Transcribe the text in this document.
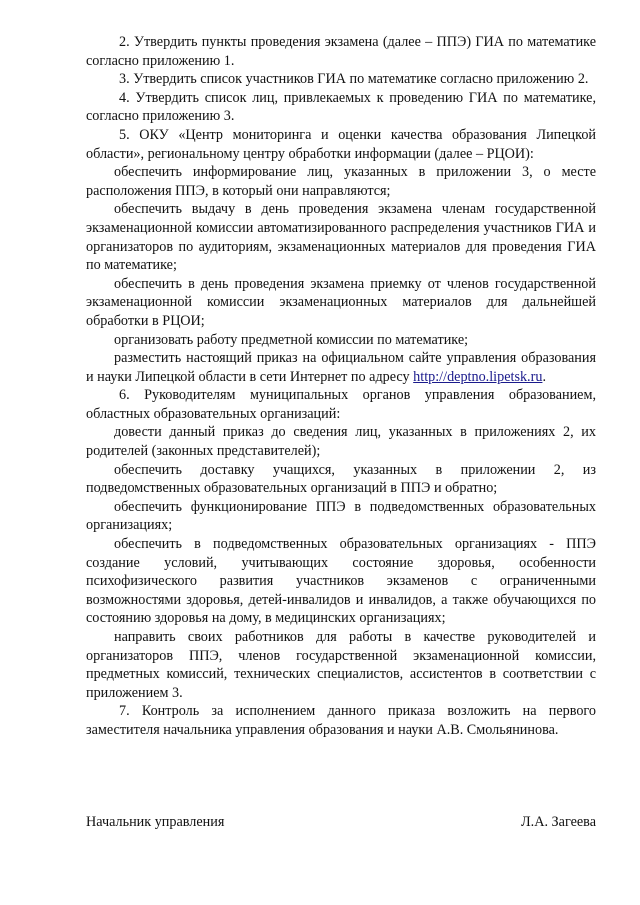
2. Утвердить пункты проведения экзамена (далее – ППЭ) ГИА по математике согласно приложению 1.

3. Утвердить список участников ГИА по математике согласно приложению 2.

4. Утвердить список лиц, привлекаемых к проведению ГИА по математике, согласно приложению 3.

5. ОКУ «Центр мониторинга и оценки качества образования Липецкой области», региональному центру обработки информации (далее – РЦОИ):

обеспечить информирование лиц, указанных в приложении 3, о месте расположения ППЭ, в который они направляются;

обеспечить выдачу в день проведения экзамена членам государственной экзаменационной комиссии автоматизированного распределения участников ГИА и организаторов по аудиториям, экзаменационных материалов для проведения ГИА по математике;

обеспечить в день проведения экзамена приемку от членов государственной экзаменационной комиссии экзаменационных материалов для дальнейшей обработки в РЦОИ;

организовать работу предметной комиссии по математике;

разместить настоящий приказ на официальном сайте управления образования и науки Липецкой области в сети Интернет по адресу http://deptno.lipetsk.ru.

6. Руководителям муниципальных органов управления образованием, областных образовательных организаций:

довести данный приказ до сведения лиц, указанных в приложениях 2, их родителей (законных представителей);

обеспечить доставку учащихся, указанных в приложении 2, из подведомственных образовательных организаций в ППЭ и обратно;

обеспечить функционирование ППЭ в подведомственных образовательных организациях;

обеспечить в подведомственных образовательных организациях - ППЭ создание условий, учитывающих состояние здоровья, особенности психофизического развития участников экзаменов с ограниченными возможностями здоровья, детей-инвалидов и инвалидов, а также обучающихся по состоянию здоровья на дому, в медицинских организациях;

направить своих работников для работы в качестве руководителей и организаторов ППЭ, членов государственной экзаменационной комиссии, предметных комиссий, технических специалистов, ассистентов в соответствии с приложением 3.

7. Контроль за исполнением данного приказа возложить на первого заместителя начальника управления образования и науки А.В. Смольянинова.

Начальник управления	Л.А. Загеева
